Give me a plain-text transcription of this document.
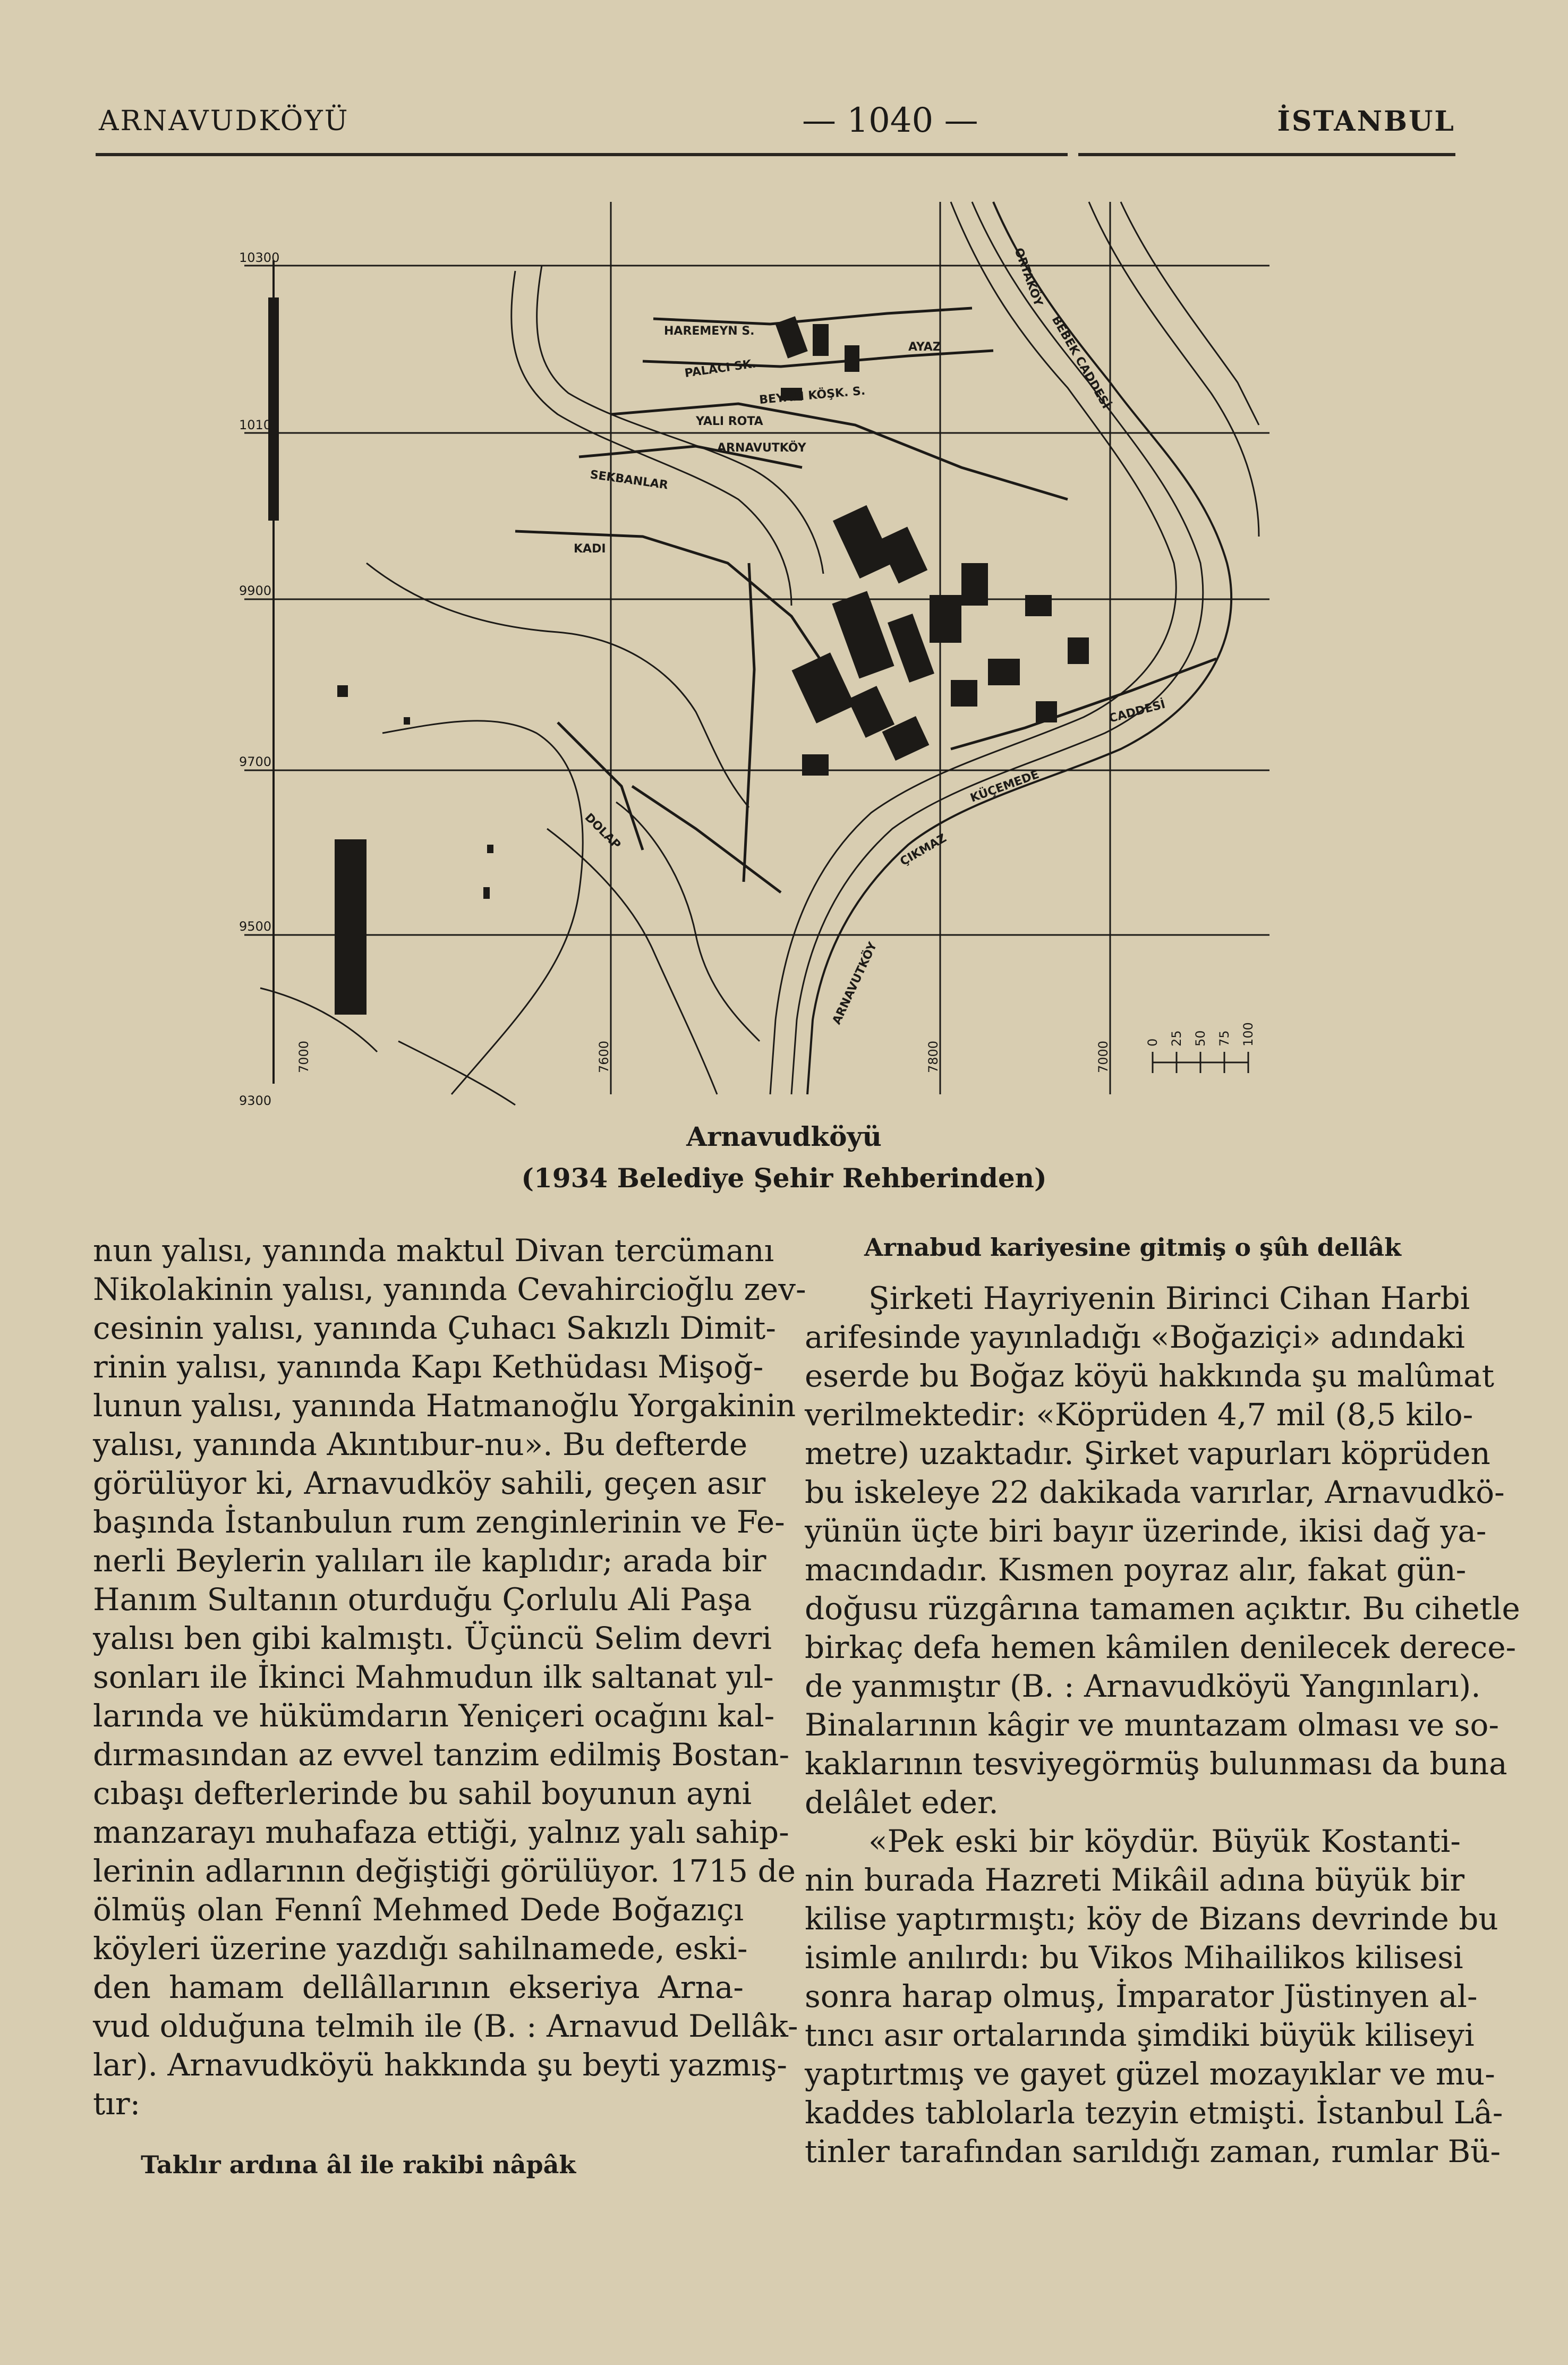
ARNAVUDKÖYÜ	— 1040 —	İSTANBUL
10300
10100
9900
9700
9500
9300
7000	7600	7800	7000	0 25 50 75 100
HAREMEYN S.
PALACI SK.
BEYALI KÖŞK. S.
YALI ROTA
ARNAVUTKÖY
SEKBANLAR
KADI
DOLAP
CADDESİ
KÜÇEMEDE
ARNAVUTKÖY
ORTAKÖY
BEBEK CADDESİ
AYAZ
ÇIKMAZ
Arnavudköyü
(1934 Belediye Şehir Rehberinden)
nun yalısı, yanında maktul Divan tercümanı
Nikolakinin yalısı, yanında Cevahircioğlu zev-
cesinin yalısı, yanında Çuhacı Sakızlı Dimit-
rinin yalısı, yanında Kapı Kethüdası Mişoğ-
lunun yalısı, yanında Hatmanoğlu Yorgakinin
yalısı, yanında Akıntıbur-nu». Bu defterde
görülüyor ki, Arnavudköy sahili, geçen asır
başında İstanbulun rum zenginlerinin ve Fe-
nerli Beylerin yalıları ile kaplıdır; arada bir
Hanım Sultanın oturduğu Çorlulu Ali Paşa
yalısı ben gibi kalmıştı. Üçüncü Selim devri
sonları ile İkinci Mahmudun ilk saltanat yıl-
larında ve hükümdarın Yeniçeri ocağını kal-
dırmasından az evvel tanzim edilmiş Bostan-
cıbaşı defterlerinde bu sahil boyunun ayni
manzarayı muhafaza ettiği, yalnız yalı sahip-
lerinin adlarının değiştiği görülüyor. 1715 de
ölmüş olan Fennî Mehmed Dede Boğazıçı
köyleri üzerine yazdığı sahilnamede, eski-
den hamam dellâllarının ekseriya Arna-
vud olduğuna telmih ile (B. : Arnavud Dellâk-
lar). Arnavudköyü hakkında şu beyti yazmış-
tır:
Taklır ardına âl ile rakibi nâpâk
Arnabud kariyesine gitmiş o şûh dellâk
Şirketi Hayriyenin Birinci Cihan Harbi
arifesinde yayınladığı «Boğaziçi» adındaki
eserde bu Boğaz köyü hakkında şu malûmat
verilmektedir: «Köprüden 4,7 mil (8,5 kilo-
metre) uzaktadır. Şirket vapurları köprüden
bu iskeleye 22 dakikada varırlar, Arnavudkö-
yünün üçte biri bayır üzerinde, ikisi dağ ya-
macındadır. Kısmen poyraz alır, fakat gün-
doğusu rüzgârına tamamen açıktır. Bu cihetle
birkaç defa hemen kâmilen denilecek derece-
de yanmıştır (B. : Arnavudköyü Yangınları).
Binalarının kâgir ve muntazam olması ve so-
kaklarının tesviyegörmüş bulunması da buna
delâlet eder.
«Pek eski bir köydür. Büyük Kostanti-
nin burada Hazreti Mikâil adına büyük bir
kilise yaptırmıştı; köy de Bizans devrinde bu
isimle anılırdı: bu Vikos Mihailikos kilisesi
sonra harap olmuş, İmparator Jüstinyen al-
tıncı asır ortalarında şimdiki büyük kiliseyi
yaptırtmış ve gayet güzel mozayıklar ve mu-
kaddes tablolarla tezyin etmişti. İstanbul Lâ-
tinler tarafından sarıldığı zaman, rumlar Bü-
